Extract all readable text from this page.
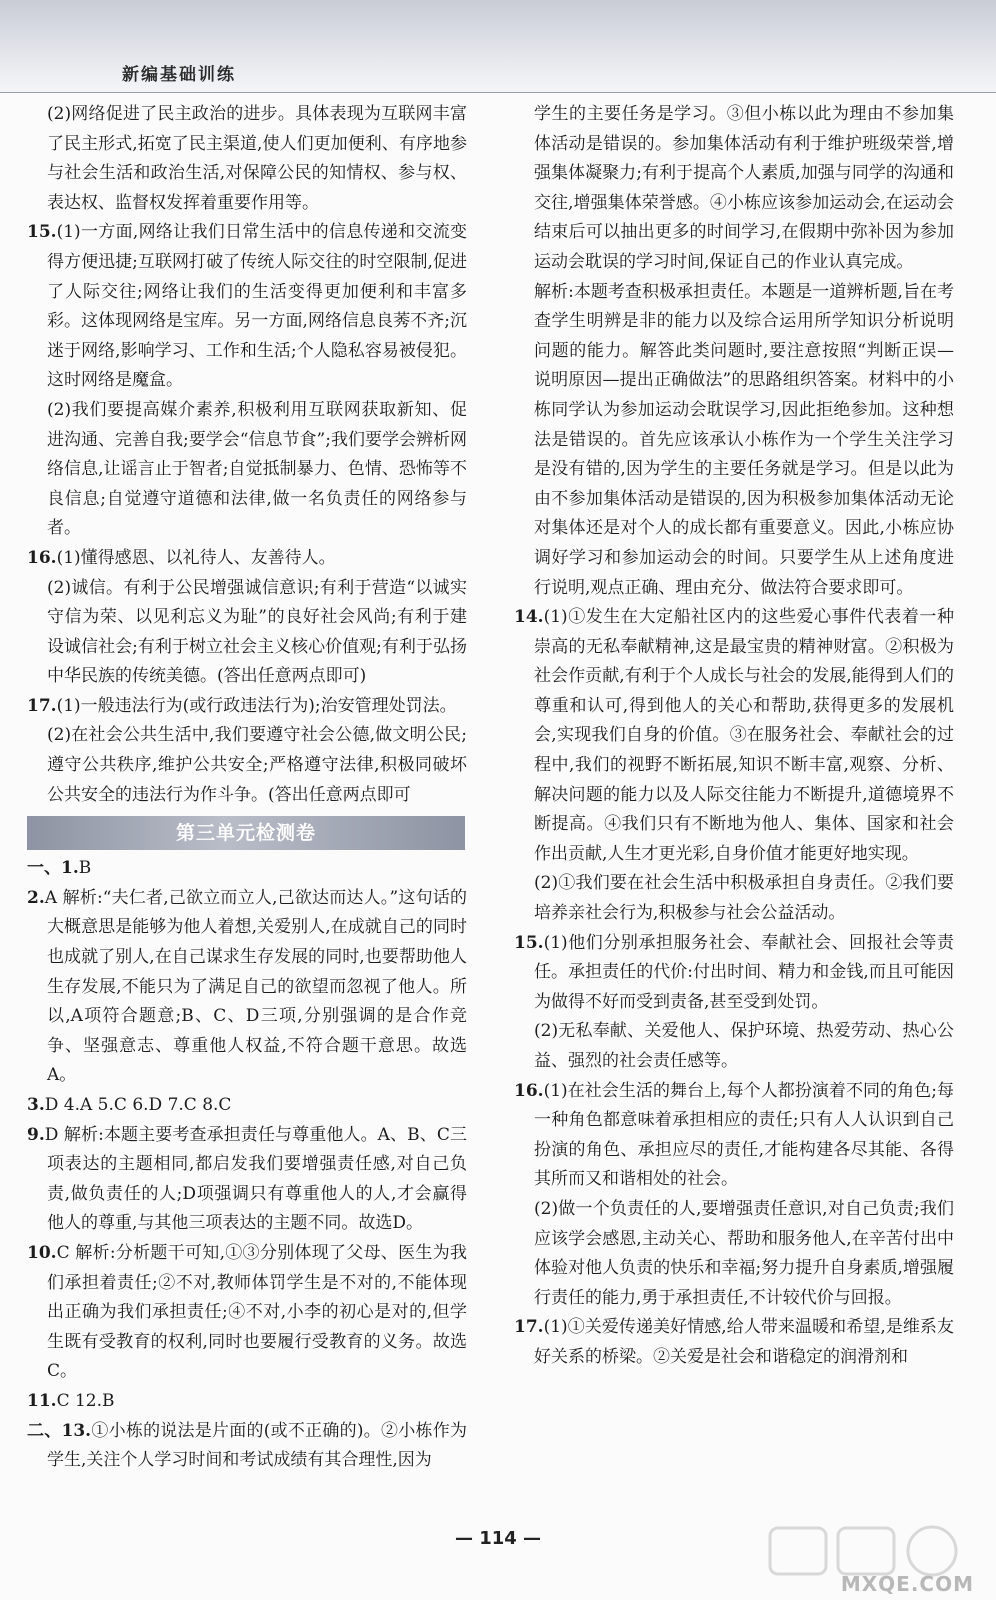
新编基础训练

(2)网络促进了民主政治的进步。具体表现为互联网丰富了民主形式,拓宽了民主渠道,使人们更加便利、有序地参与社会生活和政治生活,对保障公民的知情权、参与权、表达权、监督权发挥着重要作用等。

15.(1)一方面,网络让我们日常生活中的信息传递和交流变得方便迅捷;互联网打破了传统人际交往的时空限制,促进了人际交往;网络让我们的生活变得更加便利和丰富多彩。这体现网络是宝库。另一方面,网络信息良莠不齐;沉迷于网络,影响学习、工作和生活;个人隐私容易被侵犯。这时网络是魔盒。

(2)我们要提高媒介素养,积极利用互联网获取新知、促进沟通、完善自我;要学会“信息节食”;我们要学会辨析网络信息,让谣言止于智者;自觉抵制暴力、色情、恐怖等不良信息;自觉遵守道德和法律,做一名负责任的网络参与者。

16.(1)懂得感恩、以礼待人、友善待人。

(2)诚信。有利于公民增强诚信意识;有利于营造“以诚实守信为荣、以见利忘义为耻”的良好社会风尚;有利于建设诚信社会;有利于树立社会主义核心价值观;有利于弘扬中华民族的传统美德。(答出任意两点即可)

17.(1)一般违法行为(或行政违法行为);治安管理处罚法。

(2)在社会公共生活中,我们要遵守社会公德,做文明公民;遵守公共秩序,维护公共安全;严格遵守法律,积极同破坏公共安全的违法行为作斗争。(答出任意两点即可

第三单元检测卷

一、1.B

2.A 解析:“夫仁者,己欲立而立人,己欲达而达人。”这句话的大概意思是能够为他人着想,关爱别人,在成就自己的同时也成就了别人,在自己谋求生存发展的同时,也要帮助他人生存发展,不能只为了满足自己的欲望而忽视了他人。所以,A项符合题意;B、C、D三项,分别强调的是合作竞争、坚强意志、尊重他人权益,不符合题干意思。故选A。

3.D 4.A 5.C 6.D 7.C 8.C

9.D 解析:本题主要考查承担责任与尊重他人。A、B、C三项表达的主题相同,都启发我们要增强责任感,对自己负责,做负责任的人;D项强调只有尊重他人的人,才会赢得他人的尊重,与其他三项表达的主题不同。故选D。

10.C 解析:分析题干可知,①③分别体现了父母、医生为我们承担着责任;②不对,教师体罚学生是不对的,不能体现出正确为我们承担责任;④不对,小李的初心是对的,但学生既有受教育的权利,同时也要履行受教育的义务。故选C。

11.C 12.B

二、13.①小栋的说法是片面的(或不正确的)。②小栋作为学生,关注个人学习时间和考试成绩有其合理性,因为

学生的主要任务是学习。③但小栋以此为理由不参加集体活动是错误的。参加集体活动有利于维护班级荣誉,增强集体凝聚力;有利于提高个人素质,加强与同学的沟通和交往,增强集体荣誉感。④小栋应该参加运动会,在运动会结束后可以抽出更多的时间学习,在假期中弥补因为参加运动会耽误的学习时间,保证自己的作业认真完成。

解析:本题考查积极承担责任。本题是一道辨析题,旨在考查学生明辨是非的能力以及综合运用所学知识分析说明问题的能力。解答此类问题时,要注意按照“判断正误—说明原因—提出正确做法”的思路组织答案。材料中的小栋同学认为参加运动会耽误学习,因此拒绝参加。这种想法是错误的。首先应该承认小栋作为一个学生关注学习是没有错的,因为学生的主要任务就是学习。但是以此为由不参加集体活动是错误的,因为积极参加集体活动无论对集体还是对个人的成长都有重要意义。因此,小栋应协调好学习和参加运动会的时间。只要学生从上述角度进行说明,观点正确、理由充分、做法符合要求即可。

14.(1)①发生在大定船社区内的这些爱心事件代表着一种崇高的无私奉献精神,这是最宝贵的精神财富。②积极为社会作贡献,有利于个人成长与社会的发展,能得到人们的尊重和认可,得到他人的关心和帮助,获得更多的发展机会,实现我们自身的价值。③在服务社会、奉献社会的过程中,我们的视野不断拓展,知识不断丰富,观察、分析、解决问题的能力以及人际交往能力不断提升,道德境界不断提高。④我们只有不断地为他人、集体、国家和社会作出贡献,人生才更光彩,自身价值才能更好地实现。

(2)①我们要在社会生活中积极承担自身责任。②我们要培养亲社会行为,积极参与社会公益活动。

15.(1)他们分别承担服务社会、奉献社会、回报社会等责任。承担责任的代价:付出时间、精力和金钱,而且可能因为做得不好而受到责备,甚至受到处罚。

(2)无私奉献、关爱他人、保护环境、热爱劳动、热心公益、强烈的社会责任感等。

16.(1)在社会生活的舞台上,每个人都扮演着不同的角色;每一种角色都意味着承担相应的责任;只有人人认识到自己扮演的角色、承担应尽的责任,才能构建各尽其能、各得其所而又和谐相处的社会。

(2)做一个负责任的人,要增强责任意识,对自己负责;我们应该学会感恩,主动关心、帮助和服务他人,在辛苦付出中体验对他人负责的快乐和幸福;努力提升自身素质,增强履行责任的能力,勇于承担责任,不计较代价与回报。

17.(1)①关爱传递美好情感,给人带来温暖和希望,是维系友好关系的桥梁。②关爱是社会和谐稳定的润滑剂和

— 114 —
MXQE.COM
